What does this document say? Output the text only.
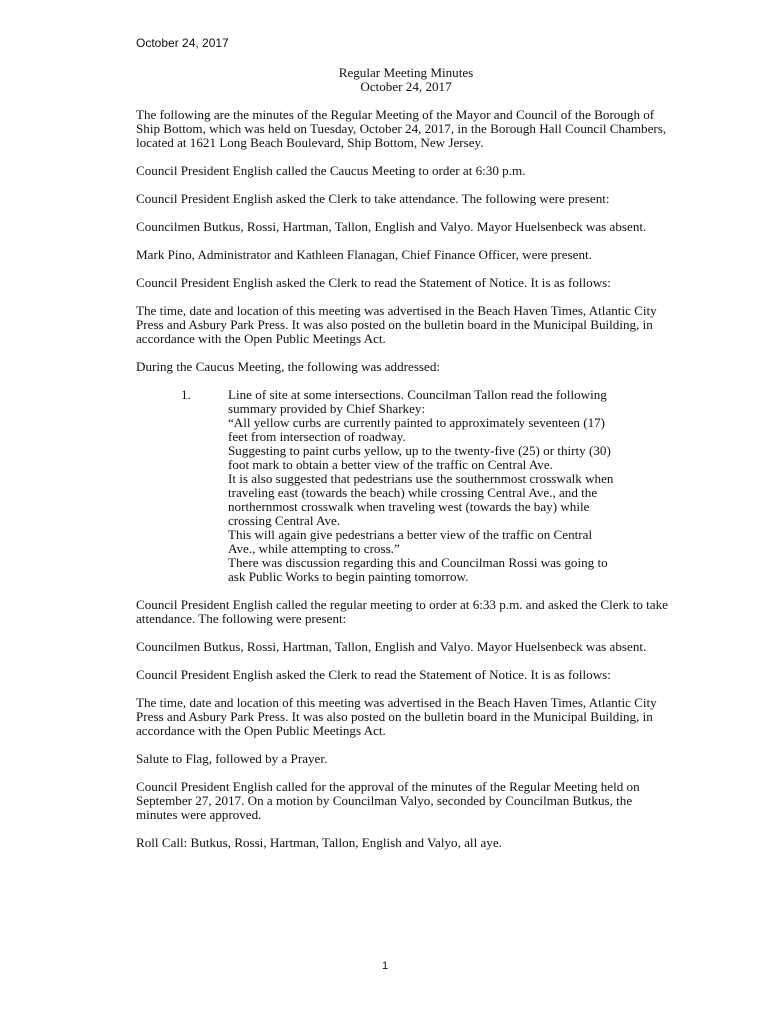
October 24, 2017
Regular Meeting Minutes
October 24, 2017

The following are the minutes of the Regular Meeting of the Mayor and Council of the Borough of Ship Bottom, which was held on Tuesday, October 24, 2017, in the Borough Hall Council Chambers, located at 1621 Long Beach Boulevard, Ship Bottom, New Jersey.

Council President English called the Caucus Meeting to order at 6:30 p.m.

Council President English asked the Clerk to take attendance. The following were present:

Councilmen Butkus, Rossi, Hartman, Tallon, English and Valyo. Mayor Huelsenbeck was absent.

Mark Pino, Administrator and Kathleen Flanagan, Chief Finance Officer, were present.

Council President English asked the Clerk to read the Statement of Notice. It is as follows:

The time, date and location of this meeting was advertised in the Beach Haven Times, Atlantic City Press and Asbury Park Press. It was also posted on the bulletin board in the Municipal Building, in accordance with the Open Public Meetings Act.

During the Caucus Meeting, the following was addressed:

1.	Line of site at some intersections. Councilman Tallon read the following
summary provided by Chief Sharkey:
“All yellow curbs are currently painted to approximately seventeen (17)
feet from intersection of roadway.
Suggesting to paint curbs yellow, up to the twenty-five (25) or thirty (30)
foot mark to obtain a better view of the traffic on Central Ave.
It is also suggested that pedestrians use the southernmost crosswalk when
traveling east (towards the beach) while crossing Central Ave., and the
northernmost crosswalk when traveling west (towards the bay) while
crossing Central Ave.
This will again give pedestrians a better view of the traffic on Central
Ave., while attempting to cross.”
There was discussion regarding this and Councilman Rossi was going to
ask Public Works to begin painting tomorrow.

Council President English called the regular meeting to order at 6:33 p.m. and asked the Clerk to take attendance. The following were present:

Councilmen Butkus, Rossi, Hartman, Tallon, English and Valyo. Mayor Huelsenbeck was absent.

Council President English asked the Clerk to read the Statement of Notice. It is as follows:

The time, date and location of this meeting was advertised in the Beach Haven Times, Atlantic City Press and Asbury Park Press. It was also posted on the bulletin board in the Municipal Building, in accordance with the Open Public Meetings Act.

Salute to Flag, followed by a Prayer.

Council President English called for the approval of the minutes of the Regular Meeting held on September 27, 2017. On a motion by Councilman Valyo, seconded by Councilman Butkus, the minutes were approved.

Roll Call: Butkus, Rossi, Hartman, Tallon, English and Valyo, all aye.

1
